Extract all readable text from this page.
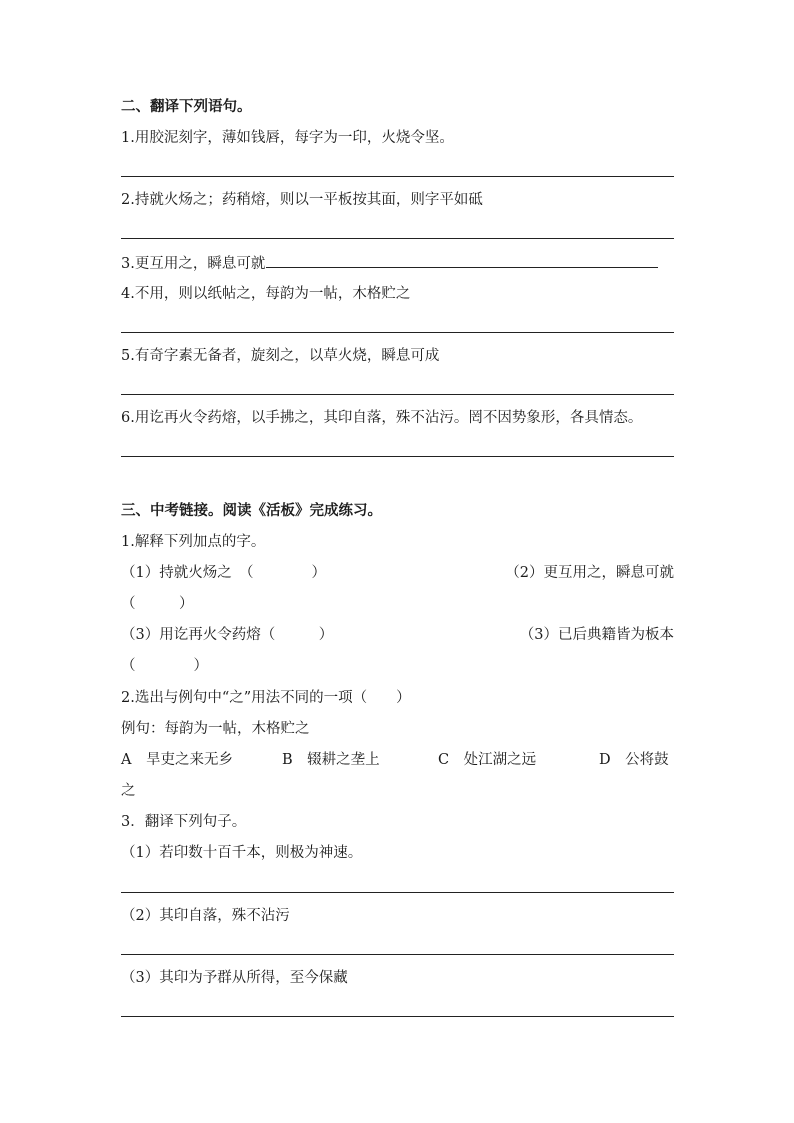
二、翻译下列语句。
1.用胶泥刻字，薄如钱唇，每字为一印，火烧令坚。
2.持就火炀之；药稍熔，则以一平板按其面，则字平如砥
3.更互用之，瞬息可就
4.不用，则以纸帖之，每韵为一帖，木格贮之
5.有奇字素无备者，旋刻之，以草火烧，瞬息可成
6.用讫再火令药熔，以手拂之，其印自落，殊不沾污。罔不因势象形，各具情态。
三、中考链接。阅读《活板》完成练习。
1.解释下列加点的字。
（1）持就火炀之　（　　　　）	（2）更互用之，瞬息可就
（　　　）
（3）用讫再火令药熔（　　　）	（3）已后典籍皆为板本
（　　　　）
2.选出与例句中“之”用法不同的一项（　　）
例句：每韵为一帖，木格贮之
A　旱吏之来无乡	B　辍耕之垄上	C　处江湖之远	D　公将鼓
之
3．翻译下列句子。
（1）若印数十百千本，则极为神速。
（2）其印自落，殊不沾污
（3）其印为予群从所得，至今保藏
